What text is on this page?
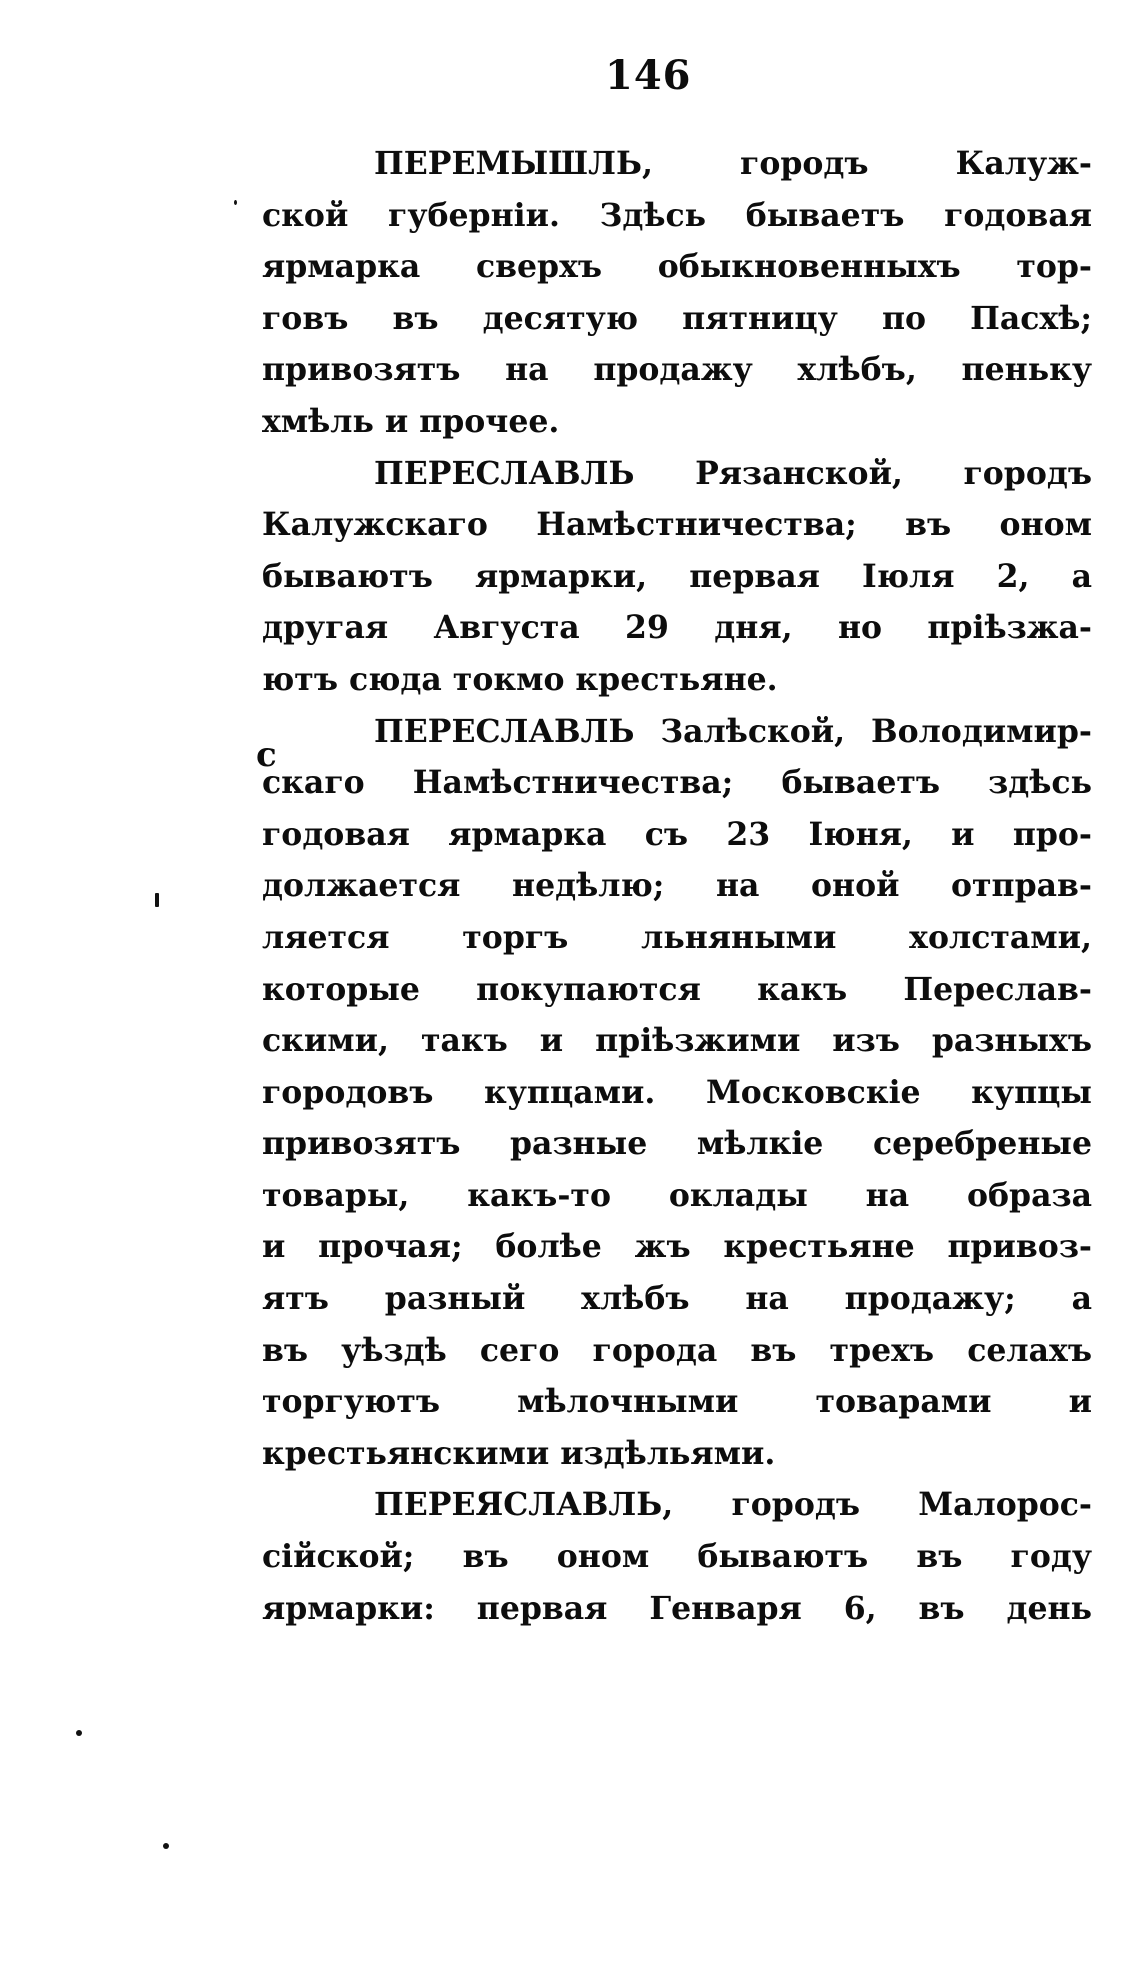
146
с
ПЕРЕМЫШЛЬ, городъ Калуж-
ской губерніи. Здѣсь бываетъ годовая
ярмарка сверхъ обыкновенныхъ тор-
говъ въ десятую пятницу по Пасхѣ;
привозятъ на продажу хлѣбъ, пеньку
хмѣль и прочее.
ПЕРЕСЛАВЛЬ Рязанской, городъ
Калужскаго Намѣстничества; въ оном
бываютъ ярмарки, первая Іюля 2, а
другая Августа 29 дня, но пріѣзжа-
ютъ сюда токмо крестьяне.
ПЕРЕСЛАВЛЬ Залѣской, Володимир-
скаго Намѣстничества; бываетъ здѣсь
годовая ярмарка съ 23 Іюня, и про-
должается недѣлю; на оной отправ-
ляется торгъ льняными холстами,
которые покупаются какъ Переслав-
скими, такъ и пріѣзжими изъ разныхъ
городовъ купцами. Московскіе купцы
привозятъ разные мѣлкіе серебреные
товары, какъ-то оклады на образа
и прочая; болѣе жъ крестьяне привоз-
ятъ разный хлѣбъ на продажу; а
въ уѣздѣ сего города въ трехъ селахъ
торгуютъ мѣлочными товарами и
крестьянскими издѣльями.
ПЕРЕЯСЛАВЛЬ, городъ Малорос-
сійской; въ оном бываютъ въ году
ярмарки: первая Генваря 6, въ день
